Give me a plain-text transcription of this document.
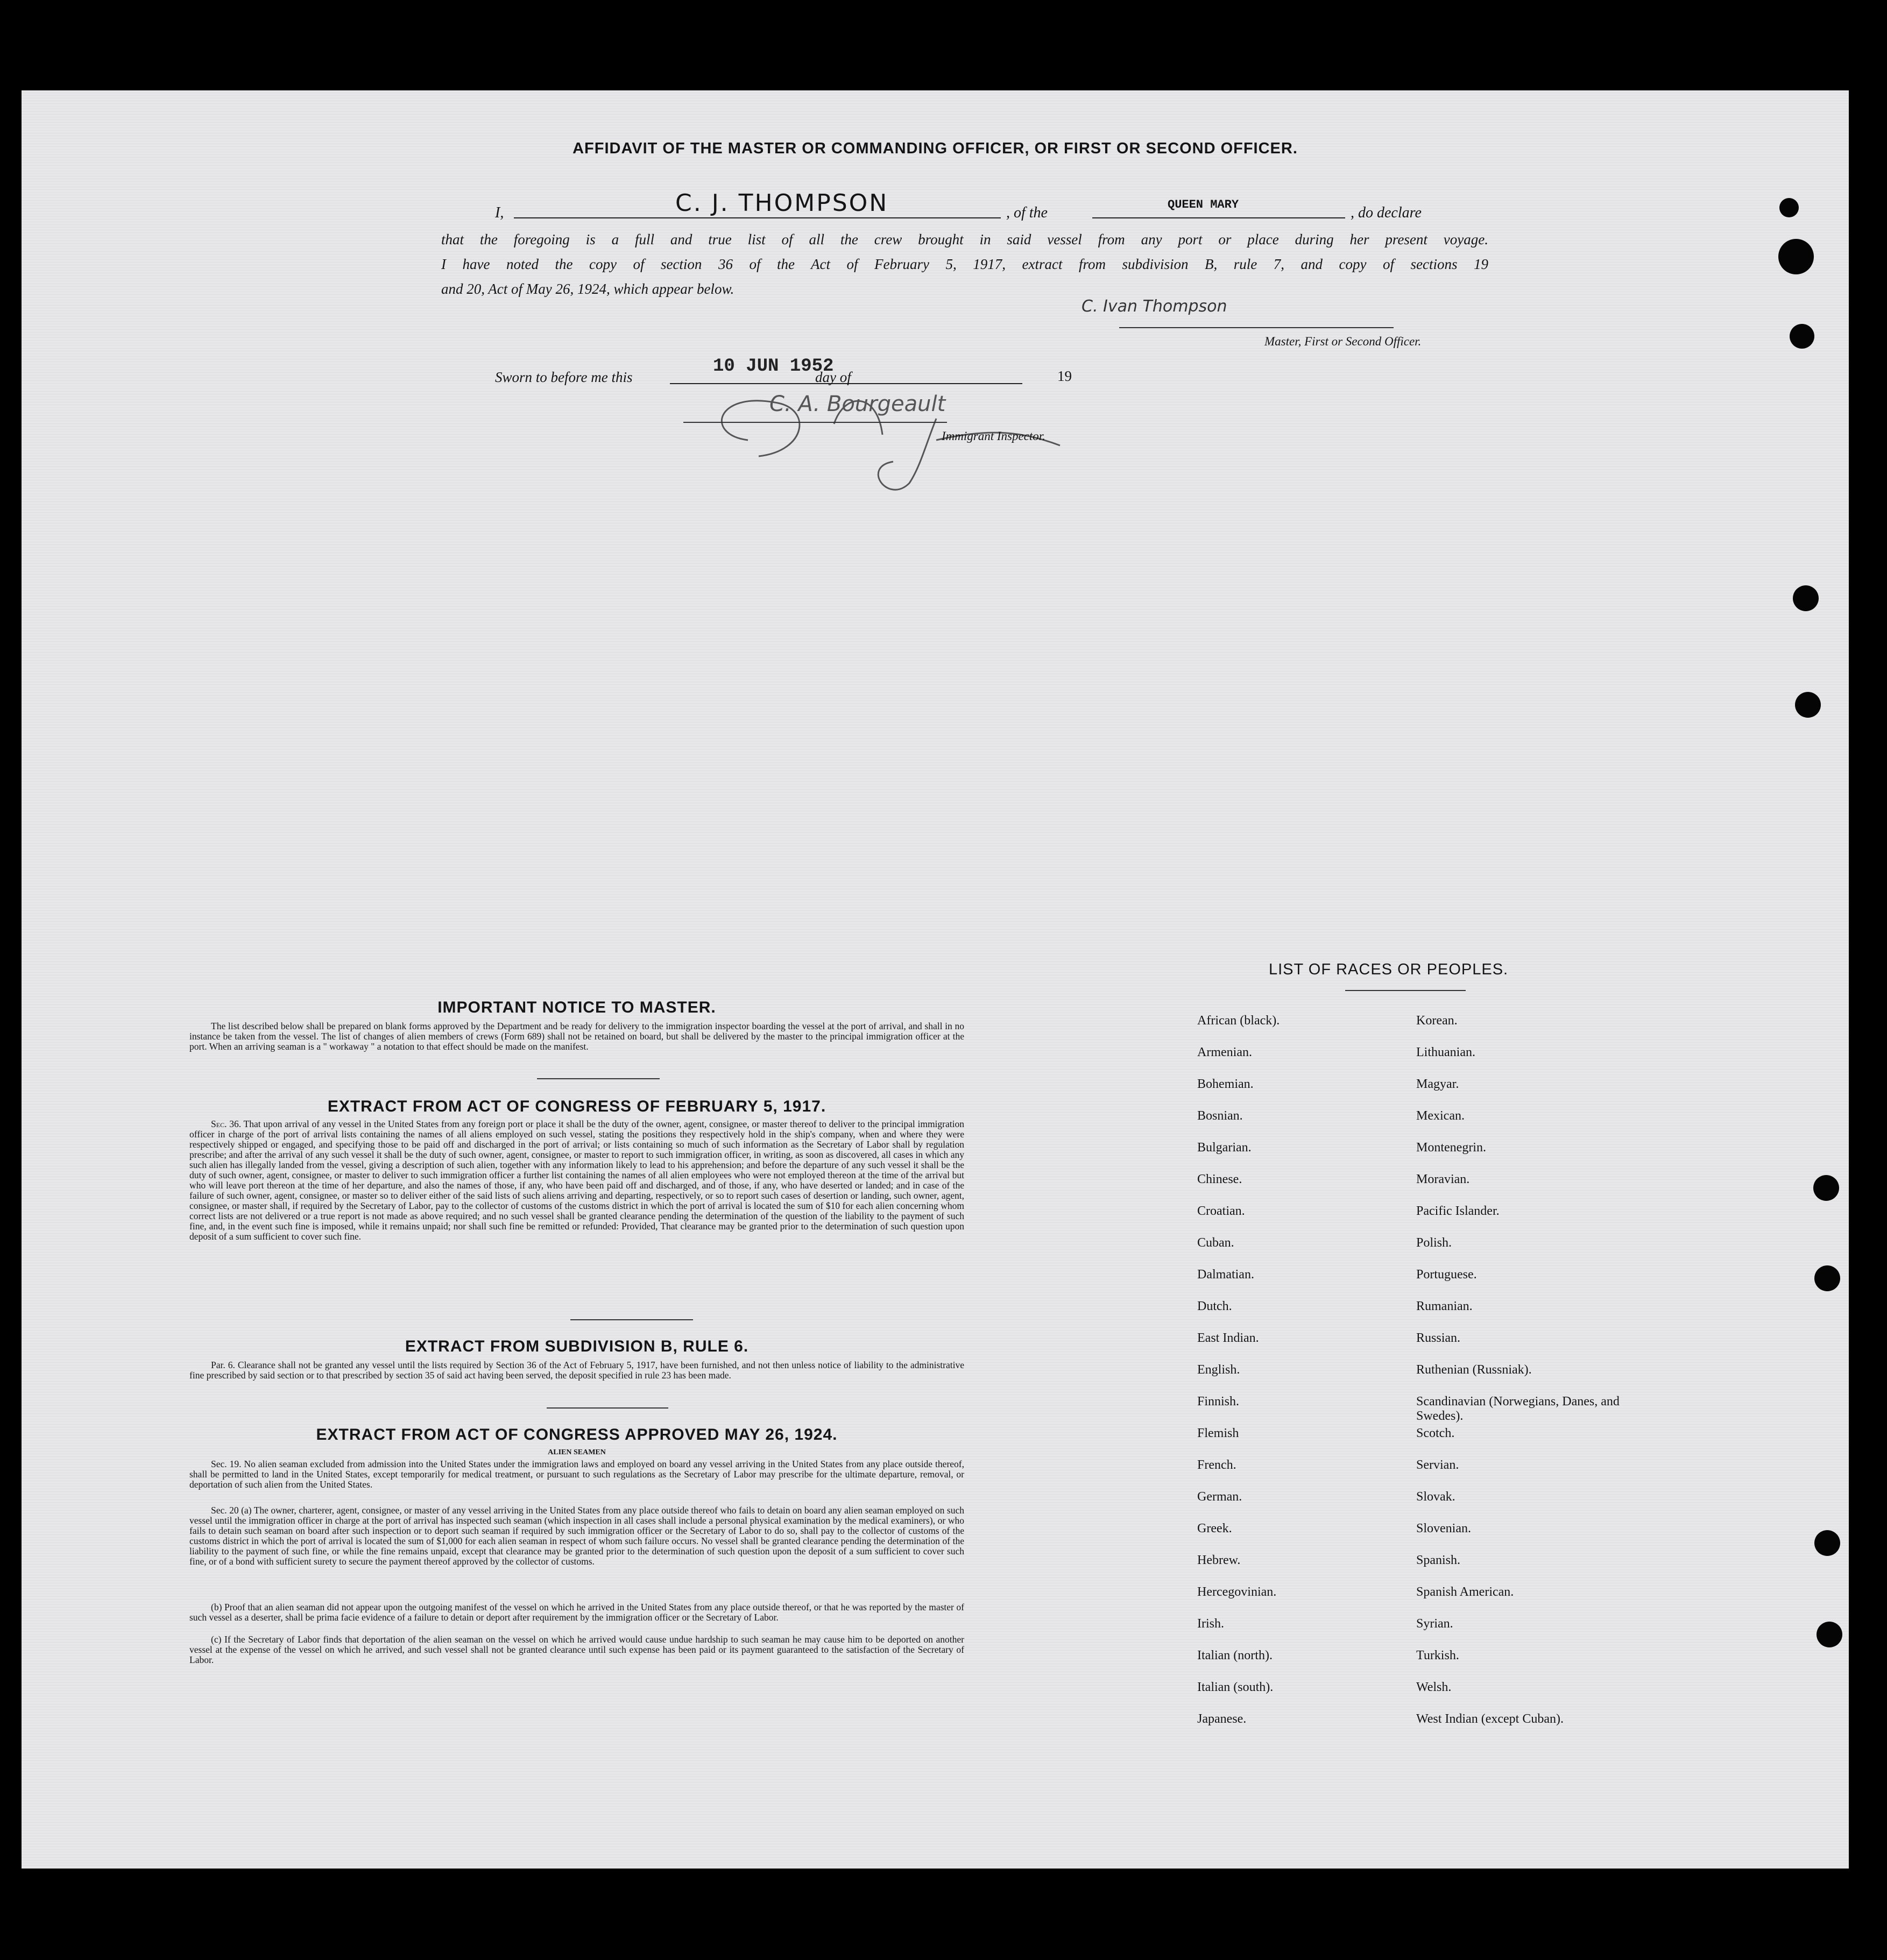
AFFIDAVIT OF THE MASTER OR COMMANDING OFFICER, OR FIRST OR SECOND OFFICER.
I,	C. J. THOMPSON	, of the	QUEEN MARY	, do declare
that the foregoing is a full and true list of all the crew brought in said vessel from any port or place during her present voyage.
I have noted the copy of section 36 of the Act of February 5, 1917, extract from subdivision B, rule 7, and copy of sections 19
and 20, Act of May 26, 1924, which appear below.
C. Ivan Thompson
Master, First or Second Officer.
Sworn to before me this
10 JUN 1952
day of	19
C. A. Bourgeault
Immigrant Inspector.
IMPORTANT NOTICE TO MASTER.
The list described below shall be prepared on blank forms approved by the Department and be ready for delivery to the immigration inspector boarding the vessel at the port of arrival, and shall in no instance be taken from the vessel. The list of changes of alien members of crews (Form 689) shall not be retained on board, but shall be delivered by the master to the principal immigration officer at the port. When an arriving seaman is a " workaway " a notation to that effect should be made on the manifest.
EXTRACT FROM ACT OF CONGRESS OF FEBRUARY 5, 1917.
Sec. 36. That upon arrival of any vessel in the United States from any foreign port or place it shall be the duty of the owner, agent, consignee, or master thereof to deliver to the principal immigration officer in charge of the port of arrival lists containing the names of all aliens employed on such vessel, stating the positions they respectively hold in the ship's company, when and where they were respectively shipped or engaged, and specifying those to be paid off and discharged in the port of arrival; or lists containing so much of such information as the Secretary of Labor shall by regulation prescribe; and after the arrival of any such vessel it shall be the duty of such owner, agent, consignee, or master to report to such immigration officer, in writing, as soon as discovered, all cases in which any such alien has illegally landed from the vessel, giving a description of such alien, together with any information likely to lead to his apprehension; and before the departure of any such vessel it shall be the duty of such owner, agent, consignee, or master to deliver to such immigration officer a further list containing the names of all alien employees who were not employed thereon at the time of the arrival but who will leave port thereon at the time of her departure, and also the names of those, if any, who have been paid off and discharged, and of those, if any, who have deserted or landed; and in case of the failure of such owner, agent, consignee, or master so to deliver either of the said lists of such aliens arriving and departing, respectively, or so to report such cases of desertion or landing, such owner, agent, consignee, or master shall, if required by the Secretary of Labor, pay to the collector of customs of the customs district in which the port of arrival is located the sum of $10 for each alien concerning whom correct lists are not delivered or a true report is not made as above required; and no such vessel shall be granted clearance pending the determination of the question of the liability to the payment of such fine, and, in the event such fine is imposed, while it remains unpaid; nor shall such fine be remitted or refunded: Provided, That clearance may be granted prior to the determination of such question upon deposit of a sum sufficient to cover such fine.
EXTRACT FROM SUBDIVISION B, RULE 6.
Par. 6. Clearance shall not be granted any vessel until the lists required by Section 36 of the Act of February 5, 1917, have been furnished, and not then unless notice of liability to the administrative fine prescribed by said section or to that prescribed by section 35 of said act having been served, the deposit specified in rule 23 has been made.
EXTRACT FROM ACT OF CONGRESS APPROVED MAY 26, 1924.
ALIEN SEAMEN
Sec. 19. No alien seaman excluded from admission into the United States under the immigration laws and employed on board any vessel arriving in the United States from any place outside thereof, shall be permitted to land in the United States, except temporarily for medical treatment, or pursuant to such regulations as the Secretary of Labor may prescribe for the ultimate departure, removal, or deportation of such alien from the United States.
Sec. 20 (a) The owner, charterer, agent, consignee, or master of any vessel arriving in the United States from any place outside thereof who fails to detain on board any alien seaman employed on such vessel until the immigration officer in charge at the port of arrival has inspected such seaman (which inspection in all cases shall include a personal physical examination by the medical examiners), or who fails to detain such seaman on board after such inspection or to deport such seaman if required by such immigration officer or the Secretary of Labor to do so, shall pay to the collector of customs of the customs district in which the port of arrival is located the sum of $1,000 for each alien seaman in respect of whom such failure occurs. No vessel shall be granted clearance pending the determination of the liability to the payment of such fine, or while the fine remains unpaid, except that clearance may be granted prior to the determination of such question upon the deposit of a sum sufficient to cover such fine, or of a bond with sufficient surety to secure the payment thereof approved by the collector of customs.
(b) Proof that an alien seaman did not appear upon the outgoing manifest of the vessel on which he arrived in the United States from any place outside thereof, or that he was reported by the master of such vessel as a deserter, shall be prima facie evidence of a failure to detain or deport after requirement by the immigration officer or the Secretary of Labor.
(c) If the Secretary of Labor finds that deportation of the alien seaman on the vessel on which he arrived would cause undue hardship to such seaman he may cause him to be deported on another vessel at the expense of the vessel on which he arrived, and such vessel shall not be granted clearance until such expense has been paid or its payment guaranteed to the satisfaction of the Secretary of Labor.
LIST OF RACES OR PEOPLES.
African (black).
Armenian.
Bohemian.
Bosnian.
Bulgarian.
Chinese.
Croatian.
Cuban.
Dalmatian.
Dutch.
East Indian.
English.
Finnish.
Flemish
French.
German.
Greek.
Hebrew.
Hercegovinian.
Irish.
Italian (north).
Italian (south).
Japanese.
Korean.
Lithuanian.
Magyar.
Mexican.
Montenegrin.
Moravian.
Pacific Islander.
Polish.
Portuguese.
Rumanian.
Russian.
Ruthenian (Russniak).
Scandinavian (Norwegians, Danes, and Swedes).
Scotch.
Servian.
Slovak.
Slovenian.
Spanish.
Spanish American.
Syrian.
Turkish.
Welsh.
West Indian (except Cuban).
